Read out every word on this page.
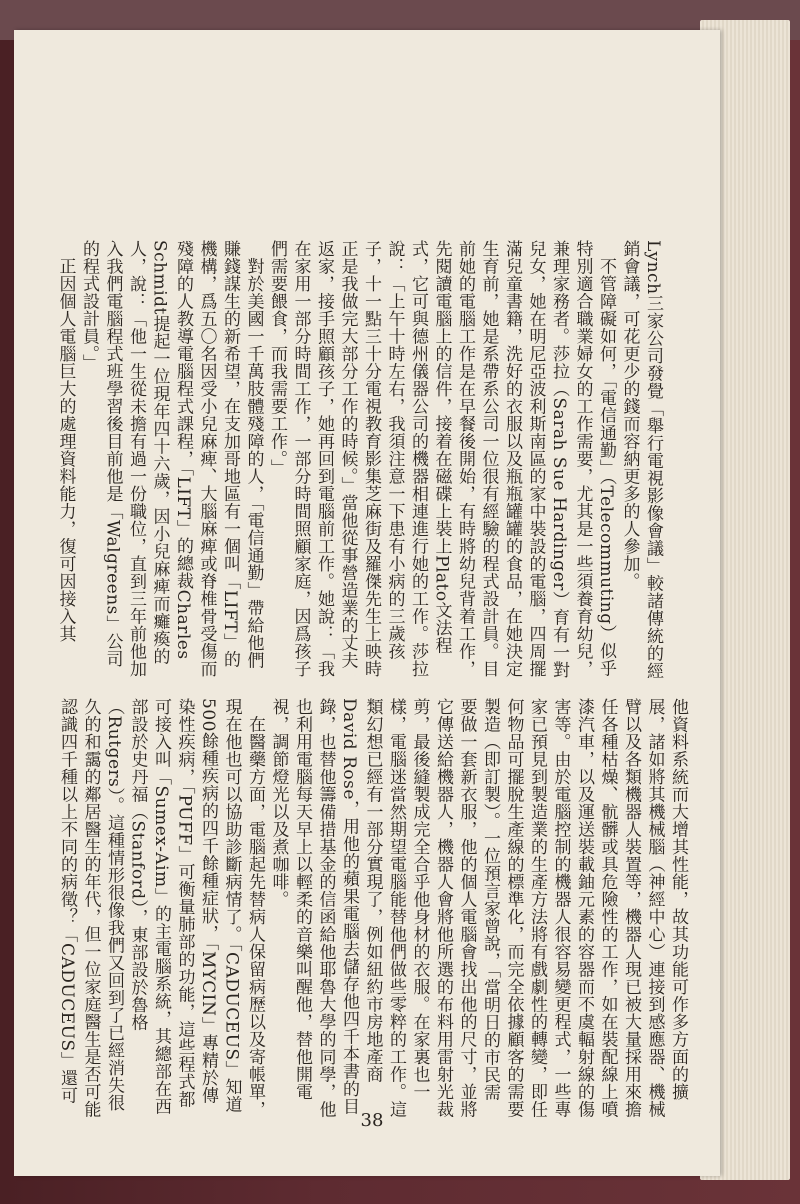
Lynch三家公司發覺「舉行電視影像會議」較諸傳統的經銷會議，可花更少的錢而容納更多的人參加。
　不管障礙如何，「電信通勤」（Telecommuting）似乎特別適合職業婦女的工作需要，尤其是一些須養育幼兒，兼理家務者。莎拉（Sarah Sue Hardinger）育有一對兒女，她在明尼亞波利斯南區的家中裝設的電腦，四周擺滿兒童書籍，洗好的衣服以及瓶瓶罐罐的食品，在她決定生育前，她是系帶系公司一位很有經驗的程式設計員。目前她的電腦工作是在早餐後開始，有時將幼兒背着工作，先閱讀電腦上的信件，接着在磁碟上裝上Plato文法程式，它可與德州儀器公司的機器相連進行她的工作。莎拉說：「上午十時左右，我須注意一下患有小病的三歲孩子，十一點三十分電視教育影集芝麻街及羅傑先生上映時正是我做完大部分工作的時候。」當他從事營造業的丈夫返家，接手照顧孩子，她再回到電腦前工作。她說：「我在家用一部分時間工作，一部分時間照顧家庭，因爲孩子們需要餵食，而我需要工作。」
　對於美國一千萬肢體殘障的人，「電信通勤」帶給他們賺錢謀生的新希望，在支加哥地區有一個叫「LIFT」的機構，爲五〇名因受小兒麻痺、大腦麻痺或脊椎骨受傷而殘障的人教導電腦程式課程，「LIFT」的總裁Charles Schmidt提起一位現年四十六歲，因小兒麻痺而癱瘓的人，說：「他一生從未擔有過一份職位，直到三年前他加入我們電腦程式班學習後目前他是「Walgreens」公司的程式設計員。」
　正因個人電腦巨大的處理資料能力，復可因接入其
他資料系統而大增其性能，故其功能可作多方面的擴展，諸如將其機械腦（神經中心）連接到感應器、機械臂以及各類機器人裝置等，機器人現已被大量採用來擔任各種枯燥、骯髒或具危險性的工作，如在裝配線上噴漆汽車，以及運送裝載鈾元素的容器而不虞輻射線的傷害等。由於電腦控制的機器人很容易變更程式，一些專家已預見到製造業的生產方法將有戲劇性的轉變，即任何物品可擺脫生產線的標準化，而完全依據顧客的需要製造（即訂製）。一位預言家曾說，「當明日的市民需要做一套新衣服，他的個人電腦會找出他的尺寸，並將它傳送給機器人，機器人會將他所選的布料用雷射光裁剪，最後縫製成完全合乎他身材的衣服。在家裏也一樣，電腦迷當然期望電腦能替他們做些零粹的工作。這類幻想已經有一部分實現了，例如紐約市房地產商David Rose，用他的蘋果電腦去儲存他四千本書的目錄，也替他籌備措基金的信函給他耶魯大學的同學，他也利用電腦每天早上以輕柔的音樂叫醒他，替他開電視，調節燈光以及煮咖啡。
　在醫藥方面，電腦起先替病人保留病歷以及寄帳單，現在他也可以協助診斷病情了。「CADUCEUS」知道500餘種疾病的四千餘種症狀，「MYCIN」專精於傳染性疾病，「PUFF」可衡量肺部的功能，這些程式都可接入叫「Sumex-Aim」的主電腦系統，其總部在西部設於史丹福（Stanford），東部設於魯格（Rutgers）。這種情形很像我們又回到了已經消失很久的和靄的鄰居醫生的年代，但一位家庭醫生是否可能認識四千種以上不同的病徵？「CADUCEUS」還可
38
